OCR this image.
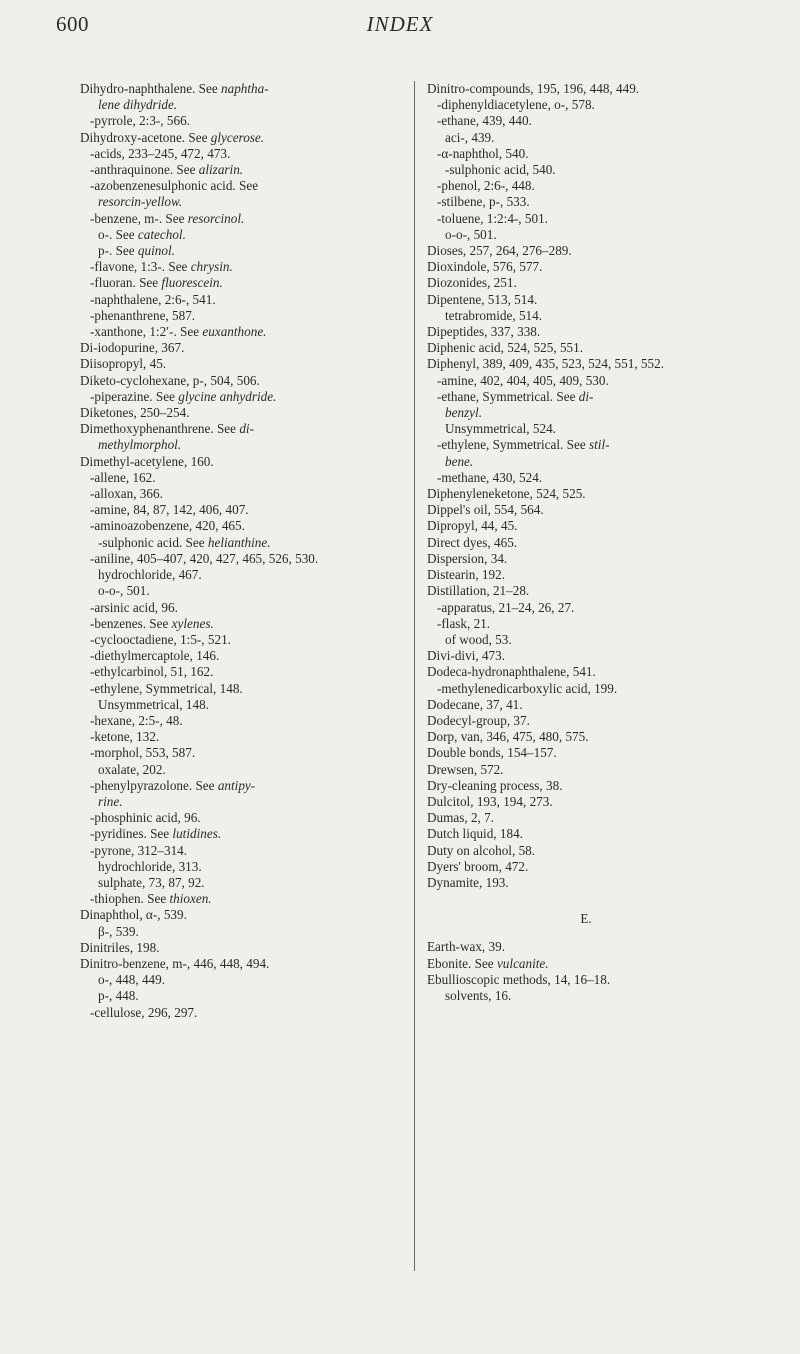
600	INDEX
Dihydro-naphthalene. See naphtha-
lene dihydride.
-pyrrole, 2:3-, 566.
Dihydroxy-acetone. See glycerose.
-acids, 233–245, 472, 473.
-anthraquinone. See alizarin.
-azobenzenesulphonic acid. See
resorcin-yellow.
-benzene, m-. See resorcinol.
o-. See catechol.
p-. See quinol.
-flavone, 1:3-. See chrysin.
-fluoran. See fluorescein.
-naphthalene, 2:6-, 541.
-phenanthrene, 587.
-xanthone, 1:2′-. See euxanthone.
Di-iodopurine, 367.
Diisopropyl, 45.
Diketo-cyclohexane, p-, 504, 506.
-piperazine. See glycine anhydride.
Diketones, 250–254.
Dimethoxyphenanthrene. See di-
methylmorphol.
Dimethyl-acetylene, 160.
-allene, 162.
-alloxan, 366.
-amine, 84, 87, 142, 406, 407.
-aminoazobenzene, 420, 465.
-sulphonic acid. See helianthine.
-aniline, 405–407, 420, 427, 465, 526, 530.
hydrochloride, 467.
o-o-, 501.
-arsinic acid, 96.
-benzenes. See xylenes.
-cyclooctadiene, 1:5-, 521.
-diethylmercaptole, 146.
-ethylcarbinol, 51, 162.
-ethylene, Symmetrical, 148.
Unsymmetrical, 148.
-hexane, 2:5-, 48.
-ketone, 132.
-morphol, 553, 587.
oxalate, 202.
-phenylpyrazolone. See antipy-
rine.
-phosphinic acid, 96.
-pyridines. See lutidines.
-pyrone, 312–314.
hydrochloride, 313.
sulphate, 73, 87, 92.
-thiophen. See thioxen.
Dinaphthol, α-, 539.
β-, 539.
Dinitriles, 198.
Dinitro-benzene, m-, 446, 448, 494.
o-, 448, 449.
p-, 448.
-cellulose, 296, 297.
Dinitro-compounds, 195, 196, 448, 449.
-diphenyldiacetylene, o-, 578.
-ethane, 439, 440.
aci-, 439.
-α-naphthol, 540.
-sulphonic acid, 540.
-phenol, 2:6-, 448.
-stilbene, p-, 533.
-toluene, 1:2:4-, 501.
o-o-, 501.
Dioses, 257, 264, 276–289.
Dioxindole, 576, 577.
Diozonides, 251.
Dipentene, 513, 514.
tetrabromide, 514.
Dipeptides, 337, 338.
Diphenic acid, 524, 525, 551.
Diphenyl, 389, 409, 435, 523, 524, 551, 552.
-amine, 402, 404, 405, 409, 530.
-ethane, Symmetrical. See di-
benzyl.
Unsymmetrical, 524.
-ethylene, Symmetrical. See stil-
bene.
-methane, 430, 524.
Diphenyleneketone, 524, 525.
Dippel's oil, 554, 564.
Dipropyl, 44, 45.
Direct dyes, 465.
Dispersion, 34.
Distearin, 192.
Distillation, 21–28.
-apparatus, 21–24, 26, 27.
-flask, 21.
of wood, 53.
Divi-divi, 473.
Dodeca-hydronaphthalene, 541.
-methylenedicarboxylic acid, 199.
Dodecane, 37, 41.
Dodecyl-group, 37.
Dorp, van, 346, 475, 480, 575.
Double bonds, 154–157.
Drewsen, 572.
Dry-cleaning process, 38.
Dulcitol, 193, 194, 273.
Dumas, 2, 7.
Dutch liquid, 184.
Duty on alcohol, 58.
Dyers' broom, 472.
Dynamite, 193.
E.
Earth-wax, 39.
Ebonite. See vulcanite.
Ebullioscopic methods, 14, 16–18.
solvents, 16.
